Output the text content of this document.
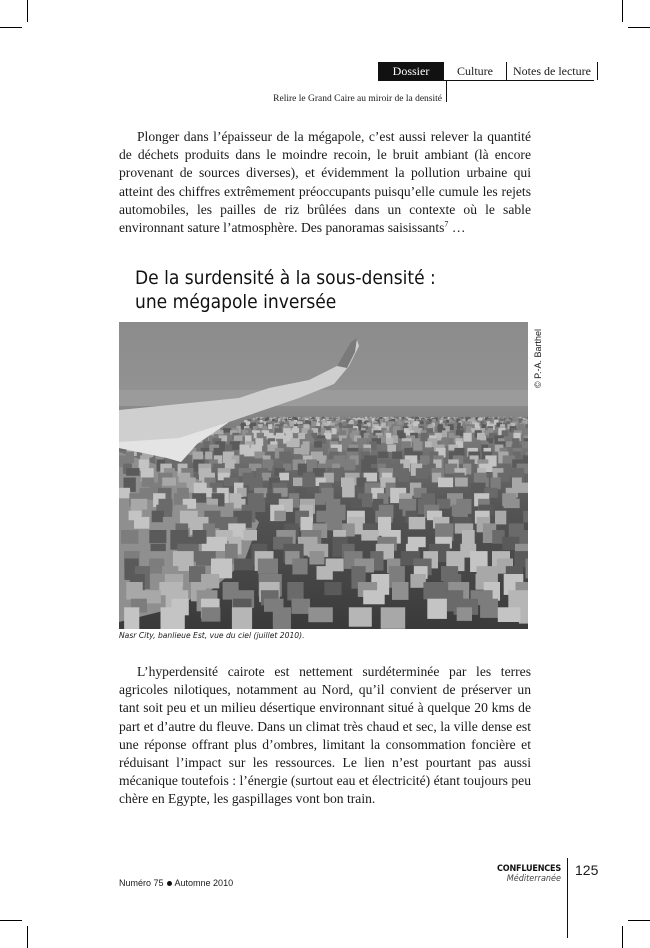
Dossier	Culture	Notes de lecture
Relire le Grand Caire au miroir de la densité

Plonger dans l’épaisseur de la mégapole, c’est aussi relever la quantité de déchets produits dans le moindre recoin, le bruit ambiant (là encore provenant de sources diverses), et évidemment la pollution urbaine qui atteint des chiffres extrêmement préoccupants puisqu’elle cumule les rejets automobiles, les pailles de riz brûlées dans un contexte où le sable environnant sature l’atmosphère. Des panoramas saisissants$^7$ …

De la surdensité à la sous-densité :
une mégapole inversée
© P.-A. Barthel
Nasr City, banlieue Est, vue du ciel (juillet 2010).

L’hyperdensité cairote est nettement surdéterminée par les terres agricoles nilotiques, notamment au Nord, qu’il convient de préserver un tant soit peu et un milieu désertique environnant situé à quelque 20 kms de part et d’autre du fleuve. Dans un climat très chaud et sec, la ville dense est une réponse offrant plus d’ombres, limitant la consommation foncière et réduisant l’impact sur les ressources. Le lien n’est pourtant pas aussi mécanique toutefois : l’énergie (surtout eau et électricité) étant toujours peu chère en Egypte, les gaspillages vont bon train.

Numéro 75 Automne 2010
CONFLUENCES
Méditerranée
125
